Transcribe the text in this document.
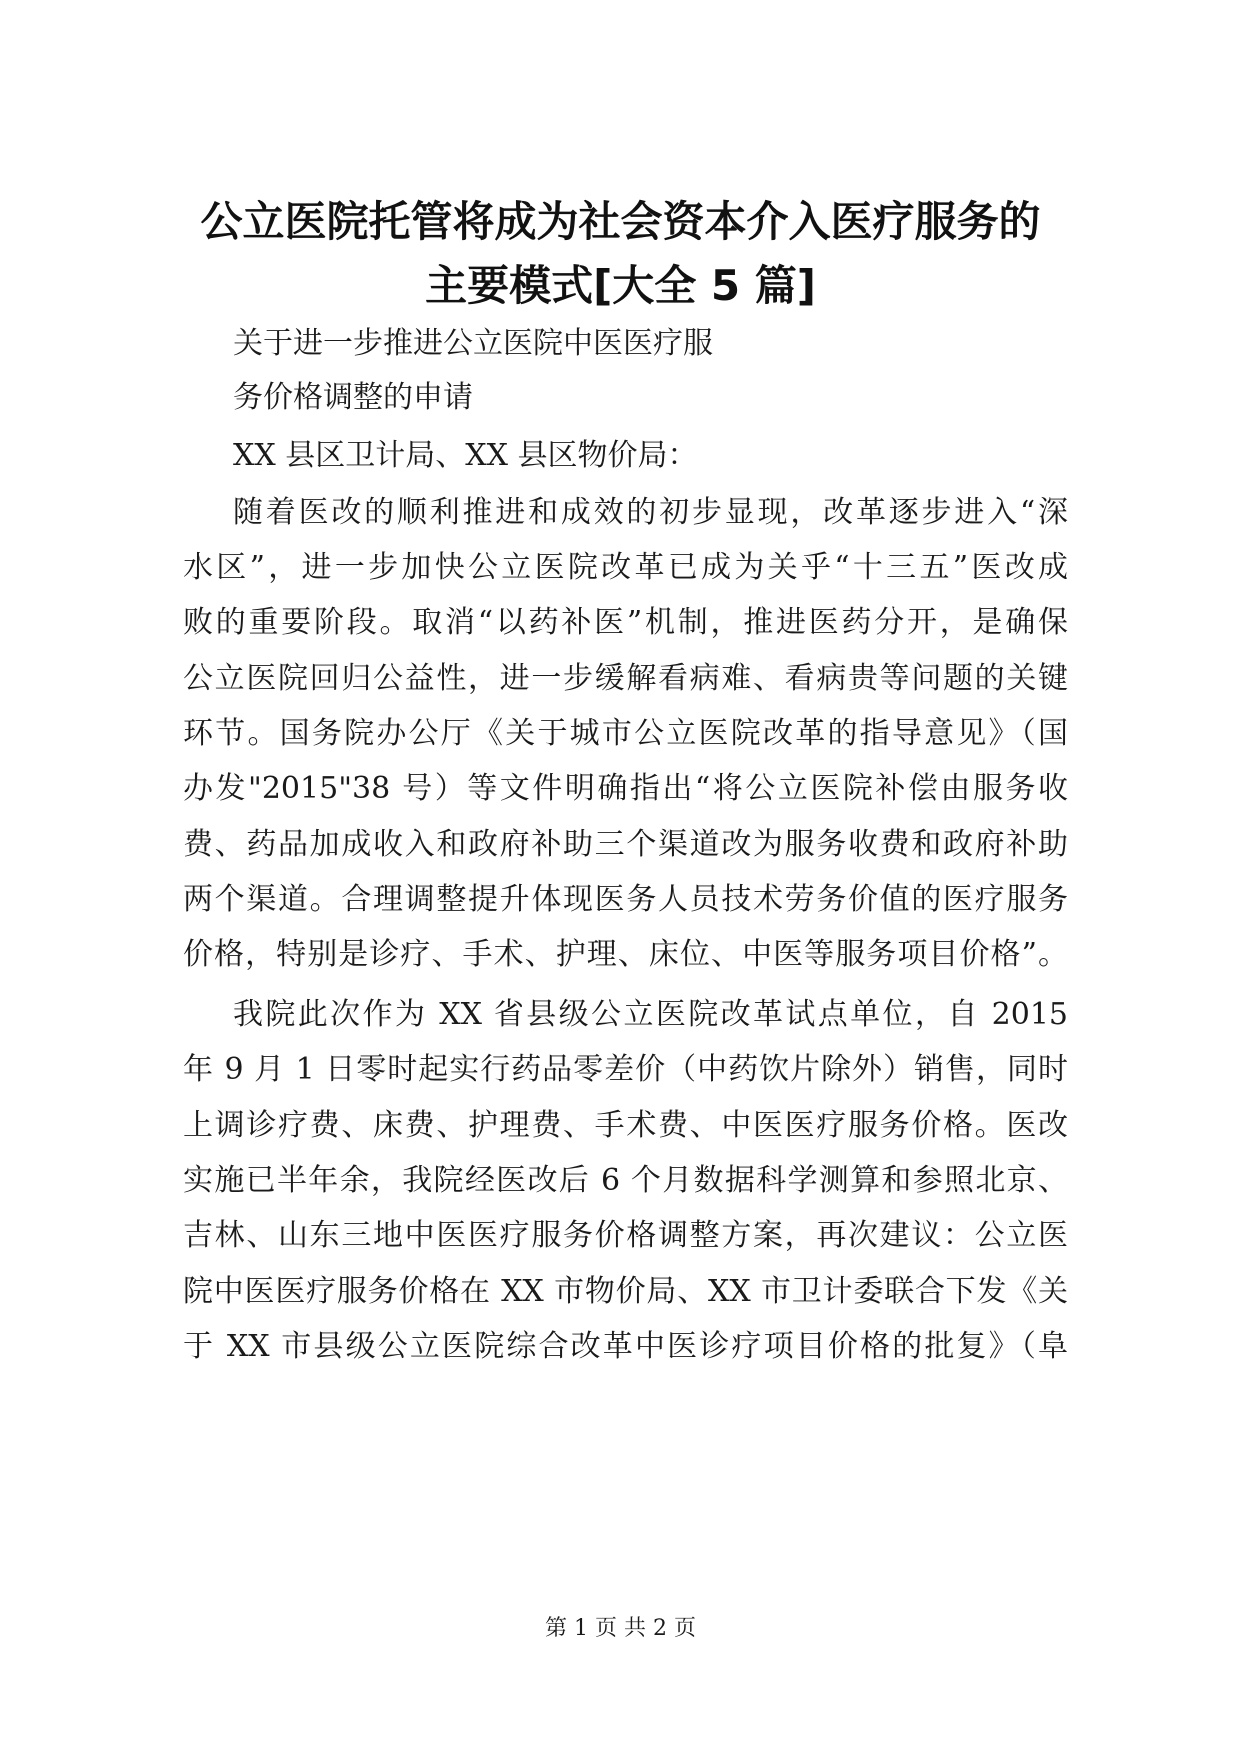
公立医院托管将成为社会资本介入医疗服务的
主要模式[大全 5 篇]
关于进一步推进公立医院中医医疗服
务价格调整的申请
XX 县区卫计局、XX 县区物价局：
随着医改的顺利推进和成效的初步显现，改革逐步进入“深
水区”，进一步加快公立医院改革已成为关乎“十三五”医改成
败的重要阶段。取消“以药补医”机制，推进医药分开，是确保
公立医院回归公益性，进一步缓解看病难、看病贵等问题的关键
环节。国务院办公厅《关于城市公立医院改革的指导意见》（国
办发"2015"38 号）等文件明确指出“将公立医院补偿由服务收
费、药品加成收入和政府补助三个渠道改为服务收费和政府补助
两个渠道。合理调整提升体现医务人员技术劳务价值的医疗服务
价格，特别是诊疗、手术、护理、床位、中医等服务项目价格”。
我院此次作为 XX 省县级公立医院改革试点单位，自 2015
年 9 月 1 日零时起实行药品零差价（中药饮片除外）销售，同时
上调诊疗费、床费、护理费、手术费、中医医疗服务价格。医改
实施已半年余，我院经医改后 6 个月数据科学测算和参照北京、
吉林、山东三地中医医疗服务价格调整方案，再次建议：公立医
院中医医疗服务价格在 XX 市物价局、XX 市卫计委联合下发《关
于 XX 市县级公立医院综合改革中医诊疗项目价格的批复》（阜
第 1 页 共 2 页
